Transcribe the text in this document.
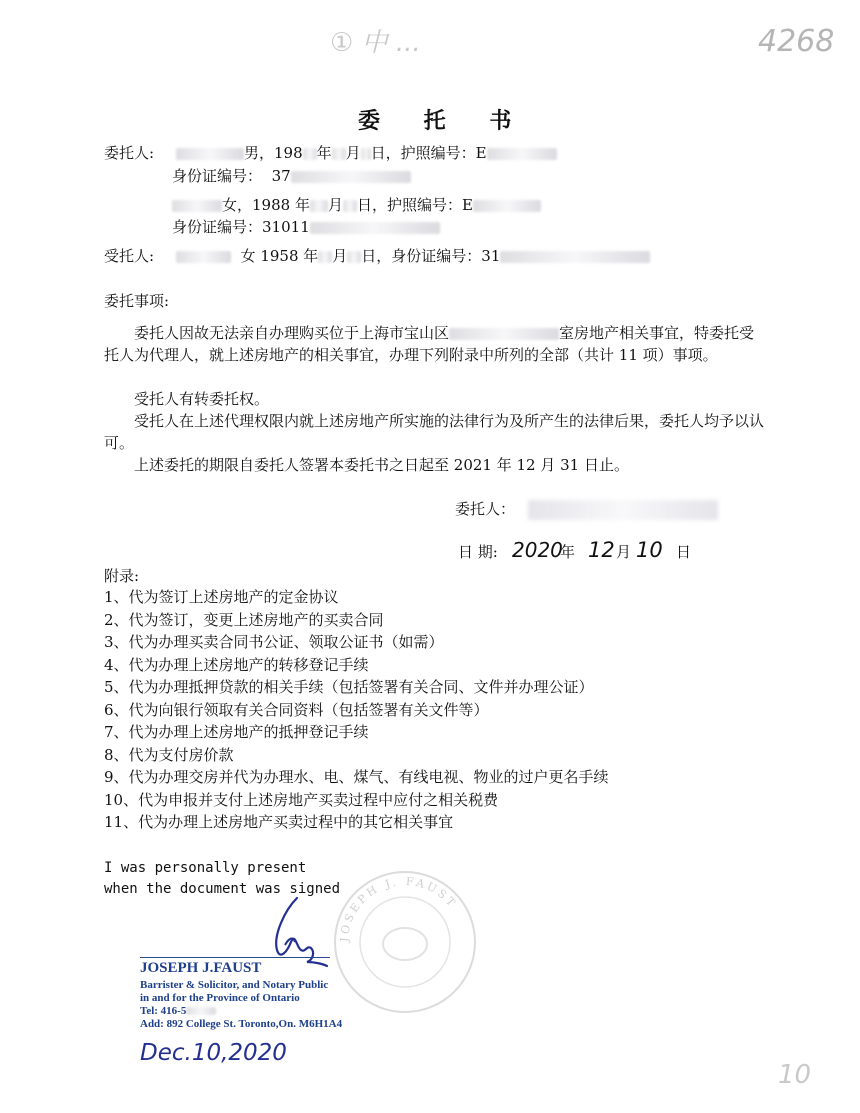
① 中 ...	4268
委 托 书
委托人:	男，198 年 月 日，护照编号：E
身份证编号： 37
女，1988 年 月 日，护照编号：E
身份证编号：31011
受托人:	女 1958 年 月 日，身份证编号：31
委托事项:
委托人因故无法亲自办理购买位于上海市宝山区	室房地产相关事宜，特委托受托人为代理人，就上述房地产的相关事宜，办理下列附录中所列的全部（共计 11 项）事项。
受托人有转委托权。
受托人在上述代理权限内就上述房地产所实施的法律行为及所产生的法律后果，委托人均予以认可。
上述委托的期限自委托人签署本委托书之日起至 2021 年 12 月 31 日止。
委托人：
日 期: 2020
年 12 月 10 日
附录:
1、代为签订上述房地产的定金协议
2、代为签订，变更上述房地产的买卖合同
3、代为办理买卖合同书公证、领取公证书（如需）
4、代为办理上述房地产的转移登记手续
5、代为办理抵押贷款的相关手续（包括签署有关合同、文件并办理公证）
6、代为向银行领取有关合同资料（包括签署有关文件等）
7、代为办理上述房地产的抵押登记手续
8、代为支付房价款
9、代为办理交房并代为办理水、电、煤气、有线电视、物业的过户更名手续
10、代为申报并支付上述房地产买卖过程中应付之相关税费
11、代为办理上述房地产买卖过程中的其它相关事宜
I was personally present
when the document was signed
JOSEPH J. FAUST
JOSEPH J.FAUST
Barrister & Solicitor, and Notary Public
in and for the Province of Ontario
Tel: 416-5
Add: 892 College St. Toronto,On. M6H1A4
Dec.10,2020
10
